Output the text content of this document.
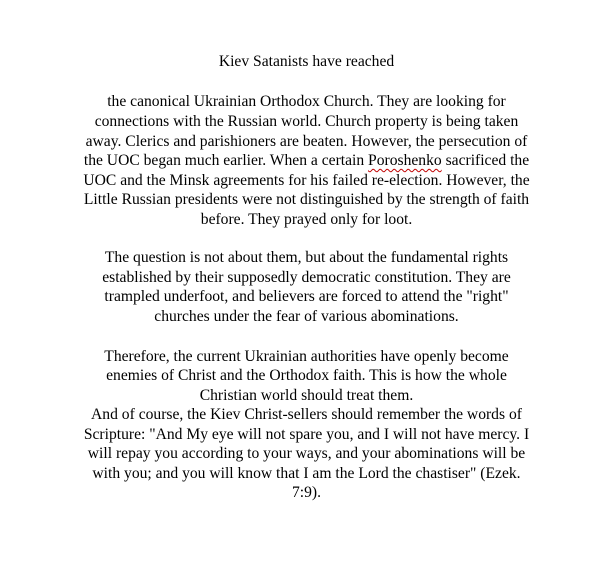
Kiev Satanists have reached
the canonical Ukrainian Orthodox Church. They are looking for
connections with the Russian world. Church property is being taken
away. Clerics and parishioners are beaten. However, the persecution of
the UOC began much earlier. When a certain Poroshenko sacrificed the
UOC and the Minsk agreements for his failed re-election. However, the
Little Russian presidents were not distinguished by the strength of faith
before. They prayed only for loot.
The question is not about them, but about the fundamental rights
established by their supposedly democratic constitution. They are
trampled underfoot, and believers are forced to attend the "right"
churches under the fear of various abominations.
Therefore, the current Ukrainian authorities have openly become
enemies of Christ and the Orthodox faith. This is how the whole
Christian world should treat them.
And of course, the Kiev Christ-sellers should remember the words of
Scripture: "And My eye will not spare you, and I will not have mercy. I
will repay you according to your ways, and your abominations will be
with you; and you will know that I am the Lord the chastiser" (Ezek.
7:9).
